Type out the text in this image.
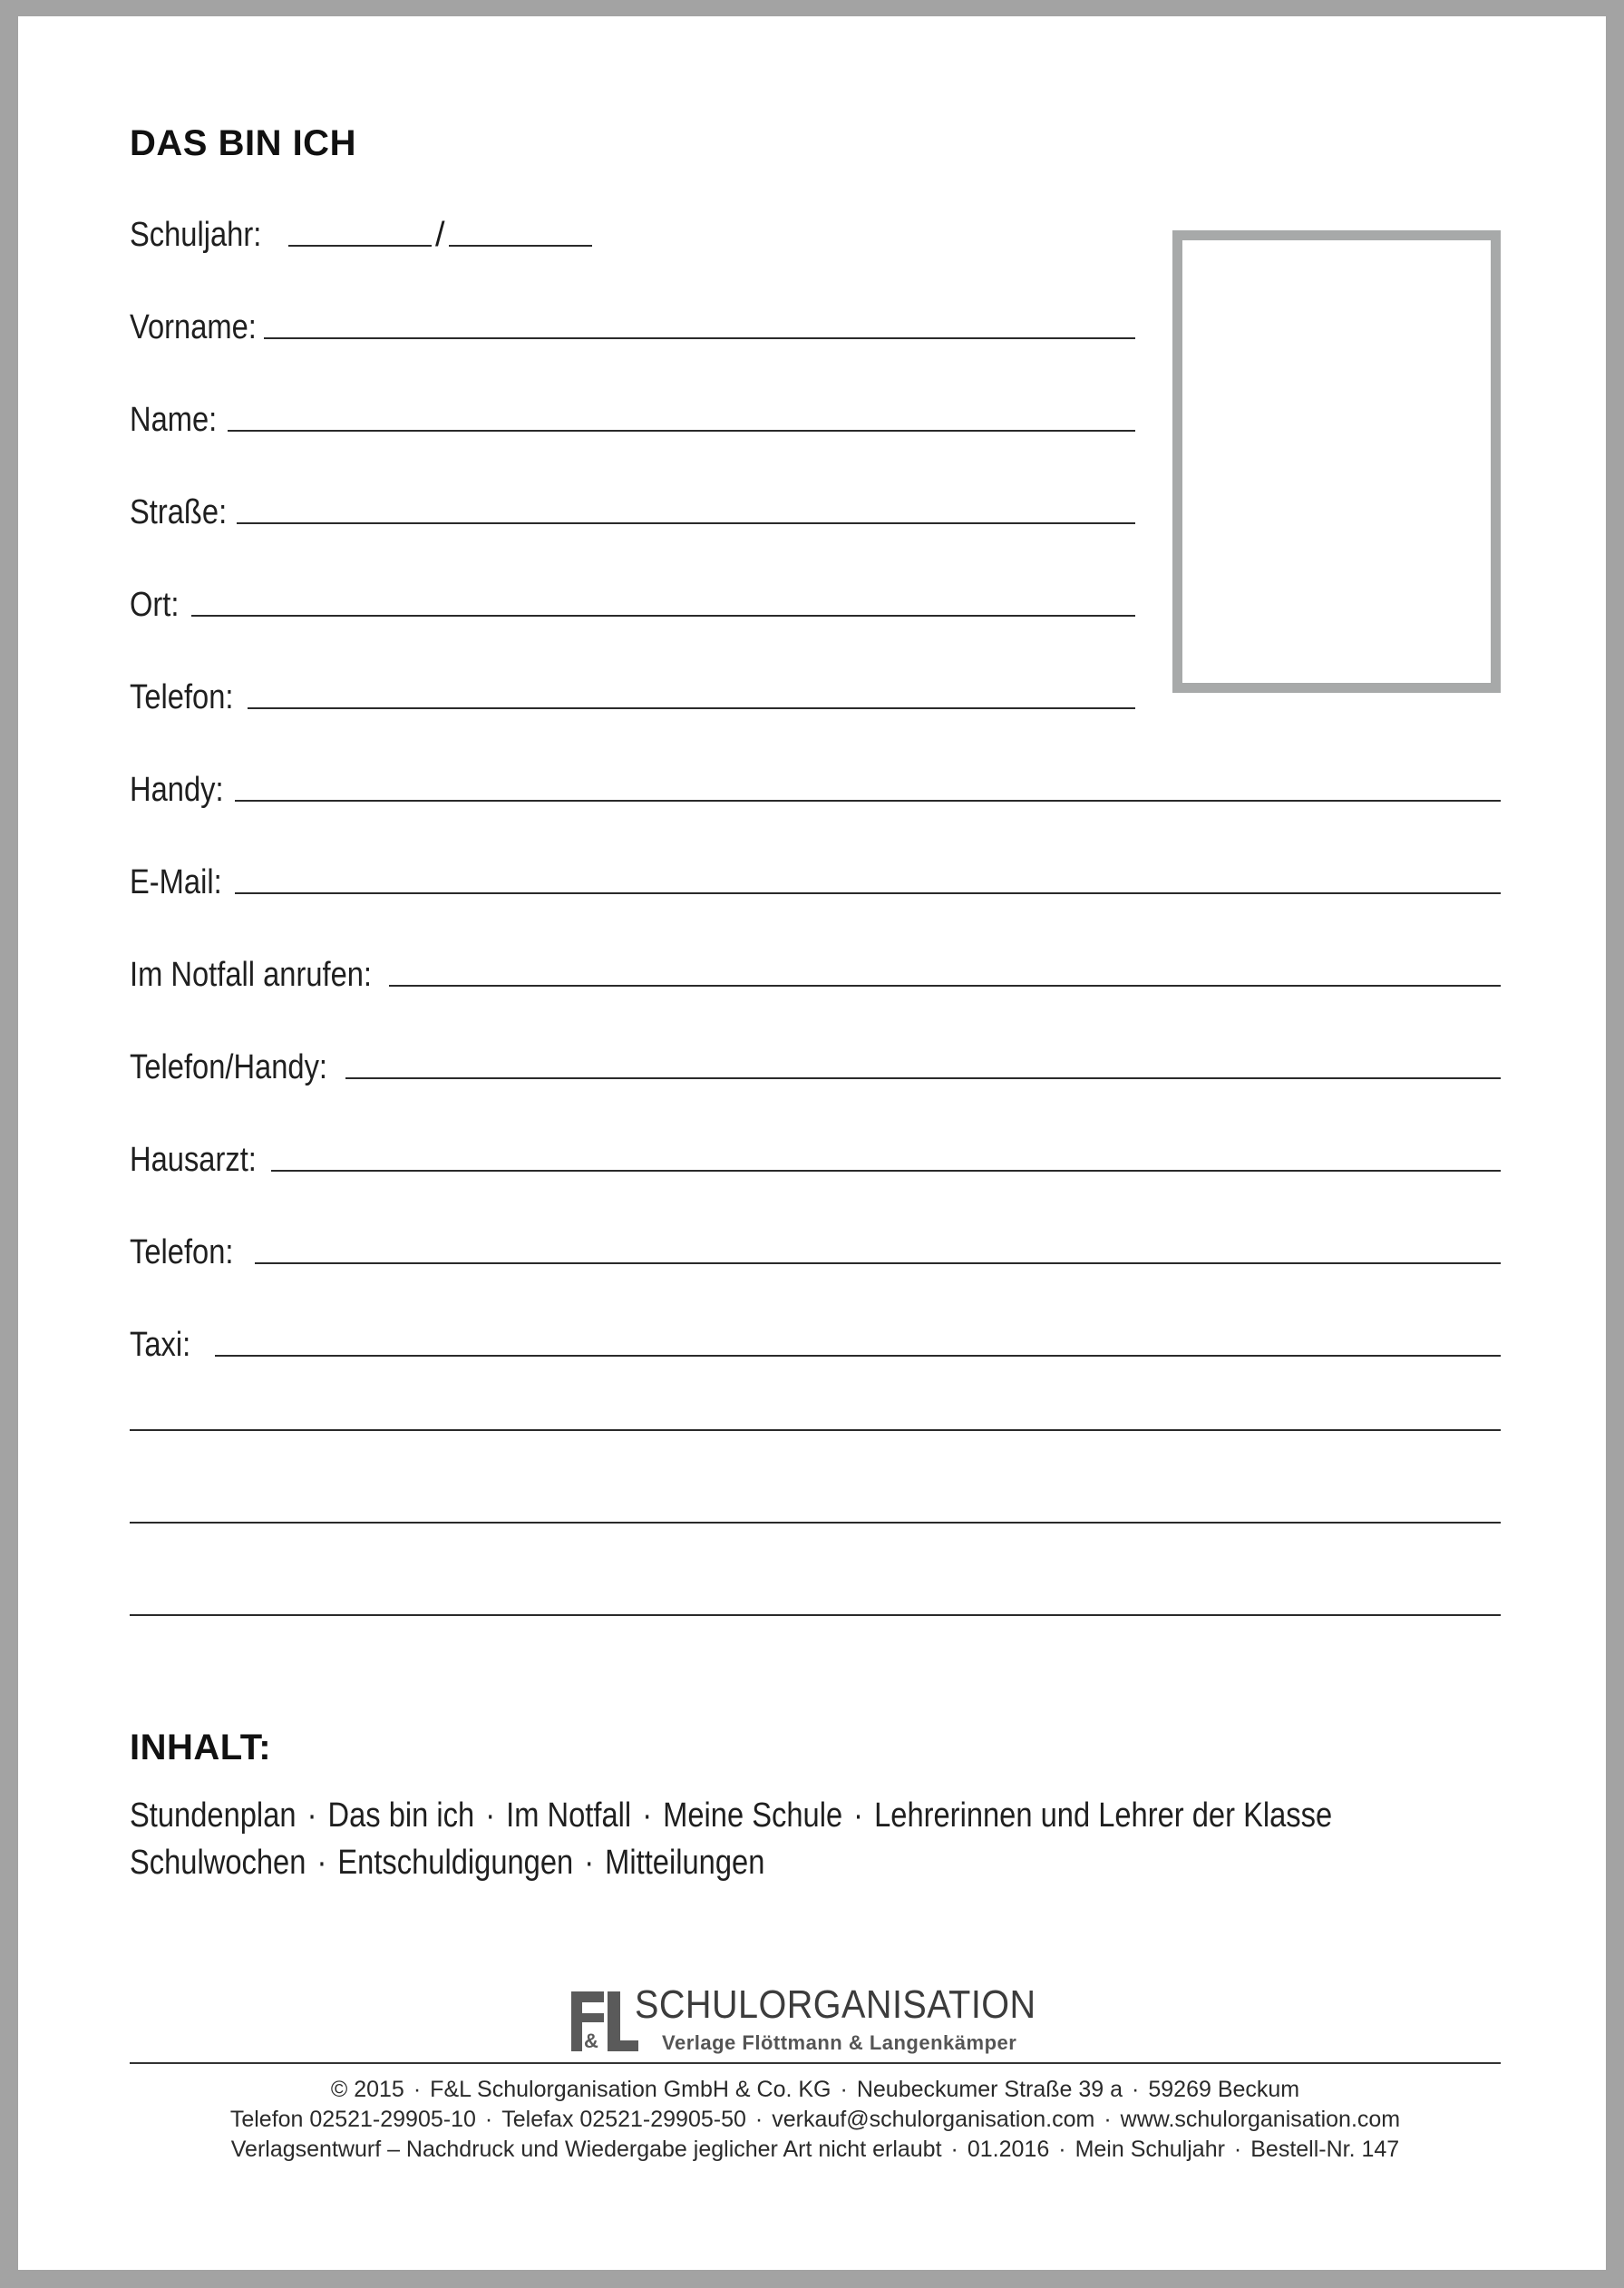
DAS BIN ICH
Schuljahr:	/
Vorname:
Name:
Straße:
Ort:
Telefon:
Handy:
E-Mail:
Im Notfall anrufen:
Telefon/Handy:
Hausarzt:
Telefon:
Taxi:
INHALT:
Stundenplan · Das bin ich · Im Notfall · Meine Schule · Lehrerinnen und Lehrer der Klasse
Schulwochen · Entschuldigungen · Mitteilungen
&
SCHULORGANISATION
Verlage Flöttmann & Langenkämper
© 2015 · F&L Schulorganisation GmbH & Co. KG · Neubeckumer Straße 39 a · 59269 Beckum
Telefon 02521-29905-10 · Telefax 02521-29905-50 · verkauf@schulorganisation.com · www.schulorganisation.com
Verlagsentwurf – Nachdruck und Wiedergabe jeglicher Art nicht erlaubt · 01.2016 · Mein Schuljahr · Bestell-Nr. 147
